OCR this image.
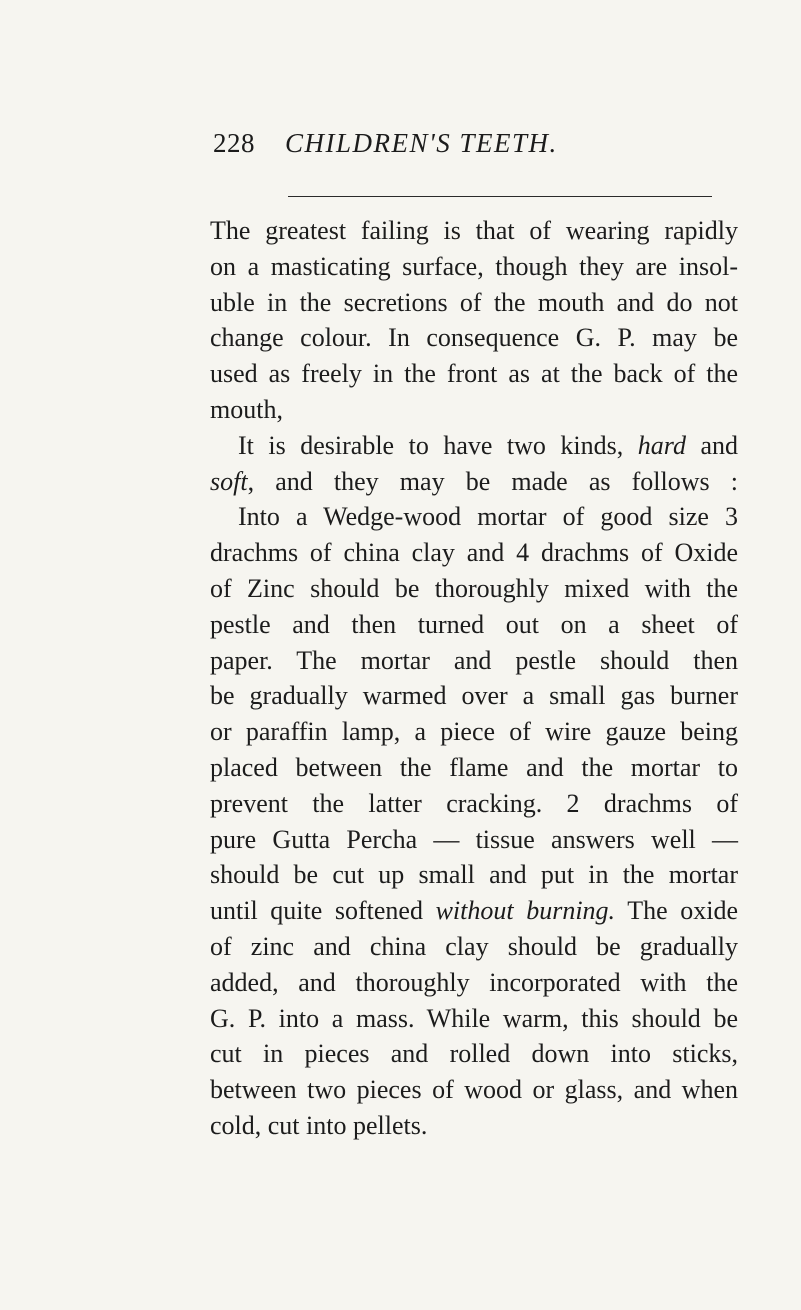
228 CHILDREN'S TEETH.
The greatest failing is that of wearing rapidly
on a masticating surface, though they are insol-
uble in the secretions of the mouth and do not
change colour. In consequence G. P. may be
used as freely in the front as at the back of the
mouth,
It is desirable to have two kinds, hard and
soft, and they may be made as follows :
Into a Wedge-wood mortar of good size 3
drachms of china clay and 4 drachms of Oxide
of Zinc should be thoroughly mixed with the
pestle and then turned out on a sheet of
paper. The mortar and pestle should then
be gradually warmed over a small gas burner
or paraffin lamp, a piece of wire gauze being
placed between the flame and the mortar to
prevent the latter cracking. 2 drachms of
pure Gutta Percha — tissue answers well —
should be cut up small and put in the mortar
until quite softened without burning. The oxide
of zinc and china clay should be gradually
added, and thoroughly incorporated with the
G. P. into a mass. While warm, this should be
cut in pieces and rolled down into sticks,
between two pieces of wood or glass, and when
cold, cut into pellets.
